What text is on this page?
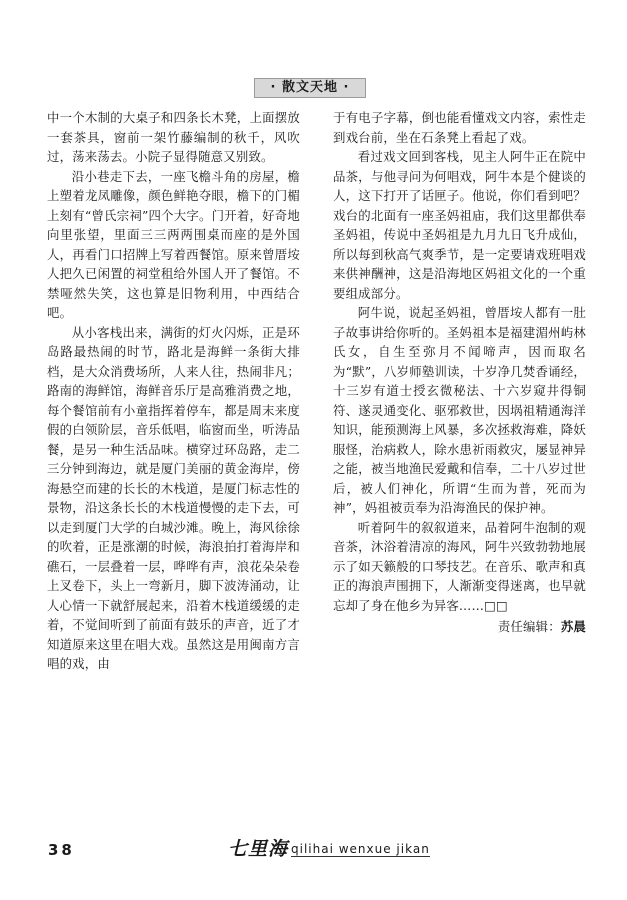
· 散文天地 ·

中一个木制的大桌子和四条长木凳，上面摆放一套茶具，窗前一架竹藤编制的秋千，风吹过，荡来荡去。小院子显得随意又别致。

沿小巷走下去，一座飞檐斗角的房屋，檐上塑着龙凤雕像，颜色鲜艳夺眼，檐下的门楣上刻有“曾氏宗祠”四个大字。门开着，好奇地向里张望，里面三三两两围桌而座的是外国人，再看门口招牌上写着西餐馆。原来曾厝垵人把久已闲置的祠堂租给外国人开了餐馆。不禁哑然失笑，这也算是旧物利用，中西结合吧。

从小客栈出来，满街的灯火闪烁，正是环岛路最热闹的时节，路北是海鲜一条街大排档，是大众消费场所，人来人往，热闹非凡；路南的海鲜馆，海鲜音乐厅是高雅消费之地，每个餐馆前有小童指挥着停车，都是周末来度假的白领阶层，音乐低唱，临窗而坐，听涛品餐，是另一种生活品味。横穿过环岛路，走二三分钟到海边，就是厦门美丽的黄金海岸，傍海悬空而建的长长的木栈道，是厦门标志性的景物，沿这条长长的木栈道慢慢的走下去，可以走到厦门大学的白城沙滩。晚上，海风徐徐的吹着，正是涨潮的时候，海浪拍打着海岸和礁石，一层叠着一层，哗哗有声，浪花朵朵卷上叉卷下，头上一弯新月，脚下波涛涌动，让人心情一下就舒展起来，沿着木栈道缓缓的走着，不觉间听到了前面有鼓乐的声音，近了才知道原来这里在唱大戏。虽然这是用闽南方言唱的戏，由

于有电子字幕，倒也能看懂戏文内容，索性走到戏台前，坐在石条凳上看起了戏。

看过戏文回到客栈，见主人阿牛正在院中品茶，与他寻问为何唱戏，阿牛本是个健谈的人，这下打开了话匣子。他说，你们看到吧？戏台的北面有一座圣妈祖庙，我们这里都供奉圣妈祖，传说中圣妈祖是九月九日飞升成仙，所以每到秋高气爽季节，是一定要请戏班唱戏来供神酬神，这是沿海地区妈祖文化的一个重要组成部分。

阿牛说，说起圣妈祖，曾厝垵人都有一肚子故事讲给你听的。圣妈祖本是福建湄州屿林氏女，自生至弥月不闻啼声，因而取名为“默”，八岁师塾训读，十岁净几焚香诵经，十三岁有道士授玄微秘法、十六岁窥井得铜符、遂灵通变化、驱邪救世，因埚祖精通海洋知识，能预测海上风暴，多次拯救海难，降妖服怪，治病救人，除水患祈雨救灾，屡显神异之能，被当地渔民爱戴和信奉，二十八岁过世后，被人们神化，所谓“生而为普，死而为神”，妈祖被贡奉为沿海渔民的保护神。

听着阿牛的叙叙道来，品着阿牛泡制的观音茶，沐浴着清凉的海风，阿牛兴致勃勃地展示了如天籁般的口琴技艺。在音乐、歌声和真正的海浪声围拥下，人渐渐变得迷离，也早就忘却了身在他乡为异客……□□

责任编辑：苏晨
38	七里海 qilihai wenxue jikan
